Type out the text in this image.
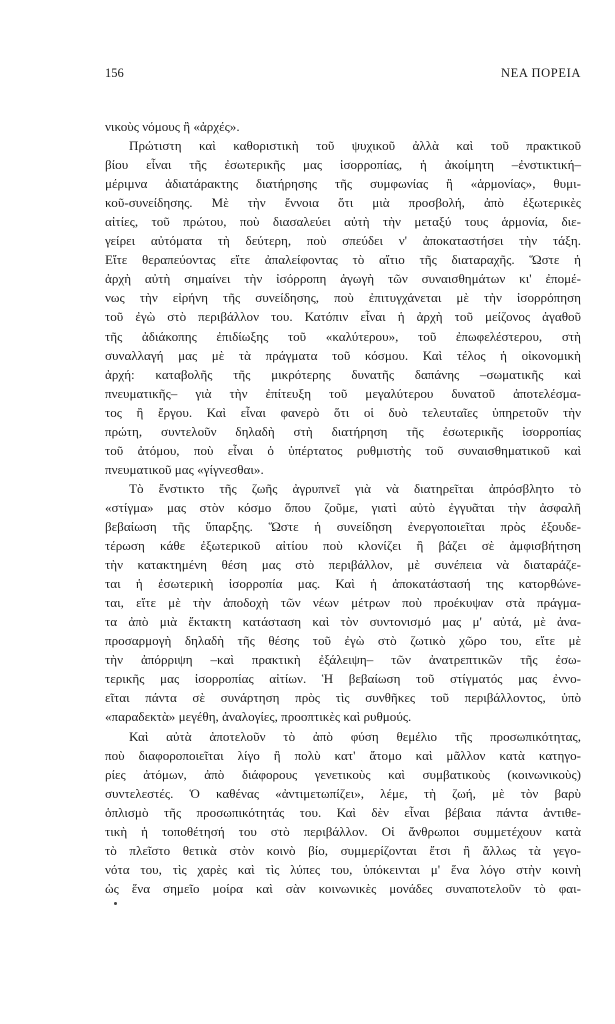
156	ΝΕΑ ΠΟΡΕΙΑ

νικοὺς νόμους ἢ «ἀρχές».

Πρώτιστη καὶ καθοριστικὴ τοῦ ψυχικοῦ ἀλλὰ καὶ τοῦ πρακτικοῦ

βίου εἶναι τῆς ἐσωτερικῆς μας ἰσορροπίας, ἡ ἀκοίμητη –ἐνστικτική–

μέριμνα ἀδιατάρακτης διατήρησης τῆς συμφωνίας ἢ «ἁρμονίας», θυμι-

κοῦ-συνείδησης. Μὲ τὴν ἔννοια ὅτι μιὰ προσβολή, ἀπὸ ἐξωτερικὲς

αἰτίες, τοῦ πρώτου, ποὺ διασαλεύει αὐτὴ τὴν μεταξύ τους ἁρμονία, διε-

γείρει αὐτόματα τὴ δεύτερη, ποὺ σπεύδει ν' ἀποκαταστήσει τὴν τάξη.

Εἴτε θεραπεύοντας εἴτε ἀπαλείφοντας τὸ αἴτιο τῆς διαταραχῆς. Ὥστε ἡ

ἀρχὴ αὐτὴ σημαίνει τὴν ἰσόρροπη ἀγωγὴ τῶν συναισθημάτων κι' ἐπομέ-

νως τὴν εἰρήνη τῆς συνείδησης, ποὺ ἐπιτυγχάνεται μὲ τὴν ἰσορρόπηση

τοῦ ἐγὼ στὸ περιβάλλον του. Κατόπιν εἶναι ἡ ἀρχὴ τοῦ μείζονος ἀγαθοῦ

τῆς ἀδιάκοπης ἐπιδίωξης τοῦ «καλύτερου», τοῦ ἐπωφελέστερου, στὴ

συναλλαγή μας μὲ τὰ πράγματα τοῦ κόσμου. Καὶ τέλος ἡ οἰκονομικὴ

ἀρχή: καταβολῆς τῆς μικρότερης δυνατῆς δαπάνης –σωματικῆς καὶ

πνευματικῆς– γιὰ τὴν ἐπίτευξη τοῦ μεγαλύτερου δυνατοῦ ἀποτελέσμα-

τος ἢ ἔργου. Καὶ εἶναι φανερὸ ὅτι οἱ δυὸ τελευταῖες ὑπηρετοῦν τὴν

πρώτη, συντελοῦν δηλαδὴ στὴ διατήρηση τῆς ἐσωτερικῆς ἰσορροπίας

τοῦ ἀτόμου, ποὺ εἶναι ὁ ὑπέρτατος ρυθμιστὴς τοῦ συναισθηματικοῦ καὶ

πνευματικοῦ μας «γίγνεσθαι».

Τὸ ἔνστικτο τῆς ζωῆς ἀγρυπνεῖ γιὰ νὰ διατηρεῖται ἀπρόσβλητο τὸ

«στίγμα» μας στὸν κόσμο ὅπου ζοῦμε, γιατὶ αὐτὸ ἐγγυᾶται τὴν ἀσφαλῆ

βεβαίωση τῆς ὕπαρξης. Ὥστε ἡ συνείδηση ἐνεργοποιεῖται πρὸς ἐξουδε-

τέρωση κάθε ἐξωτερικοῦ αἰτίου ποὺ κλονίζει ἢ βάζει σὲ ἀμφισβήτηση

τὴν κατακτημένη θέση μας στὸ περιβάλλον, μὲ συνέπεια νὰ διαταράζε-

ται ἡ ἐσωτερικὴ ἰσορροπία μας. Καὶ ἡ ἀποκατάστασή της κατορθώνε-

ται, εἴτε μὲ τὴν ἀποδοχὴ τῶν νέων μέτρων ποὺ προέκυψαν στὰ πράγμα-

τα ἀπὸ μιὰ ἔκτακτη κατάσταση καὶ τὸν συντονισμό μας μ' αὐτά, μὲ ἀνα-

προσαρμογὴ δηλαδὴ τῆς θέσης τοῦ ἐγὼ στὸ ζωτικὸ χῶρο του, εἴτε μὲ

τὴν ἀπόρριψη –καὶ πρακτικὴ ἐξάλειψη– τῶν ἀνατρεπτικῶν τῆς ἐσω-

τερικῆς μας ἰσορροπίας αἰτίων. Ἡ βεβαίωση τοῦ στίγματός μας ἐννο-

εῖται πάντα σὲ συνάρτηση πρὸς τὶς συνθῆκες τοῦ περιβάλλοντος, ὑπὸ

«παραδεκτὰ» μεγέθη, ἀναλογίες, προοπτικὲς καὶ ρυθμούς.

Καὶ αὐτὰ ἀποτελοῦν τὸ ἀπὸ φύση θεμέλιο τῆς προσωπικότητας,

ποὺ διαφοροποιεῖται λίγο ἢ πολὺ κατ' ἄτομο καὶ μᾶλλον κατὰ κατηγο-

ρίες ἀτόμων, ἀπὸ διάφορους γενετικοὺς καὶ συμβατικοὺς (κοινωνικοὺς)

συντελεστές. Ὁ καθένας «ἀντιμετωπίζει», λέμε, τὴ ζωή, μὲ τὸν βαρὺ

ὁπλισμὸ τῆς προσωπικότητάς του. Καὶ δὲν εἶναι βέβαια πάντα ἀντιθε-

τικὴ ἡ τοποθέτησή του στὸ περιβάλλον. Οἱ ἄνθρωποι συμμετέχουν κατὰ

τὸ πλεῖστο θετικὰ στὸν κοινὸ βίο, συμμερίζονται ἔτσι ἢ ἄλλως τὰ γεγο-

νότα του, τὶς χαρὲς καὶ τὶς λύπες του, ὑπόκεινται μ' ἕνα λόγο στὴν κοινὴ

ὡς ἕνα σημεῖο μοίρα καὶ σὰν κοινωνικὲς μονάδες συναποτελοῦν τὸ φαι-
